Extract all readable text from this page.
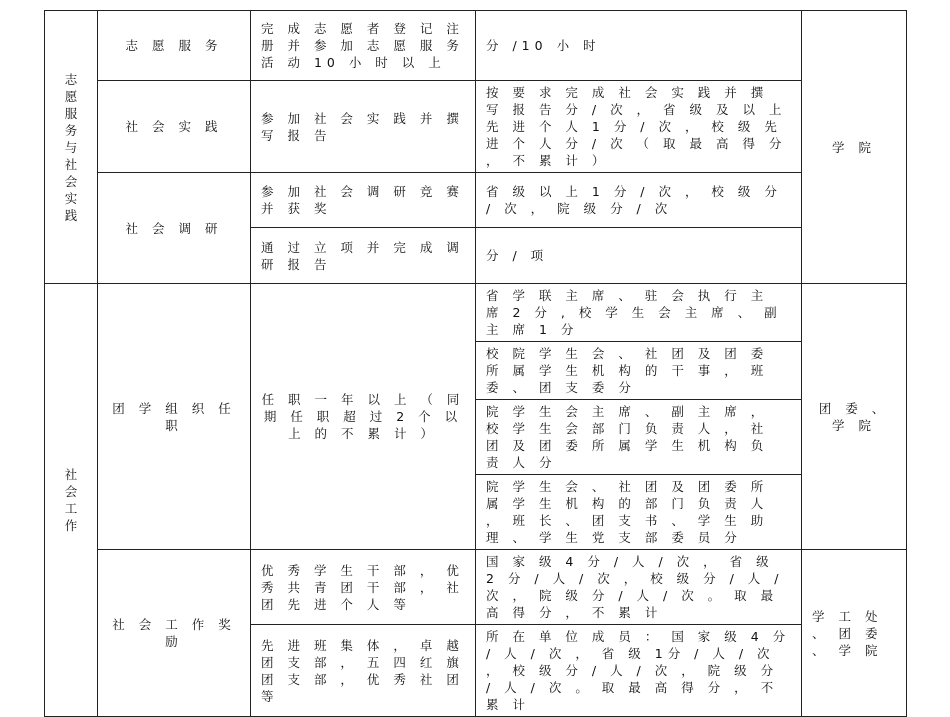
志愿服务与社会实践	志 愿 服 务	完 成 志 愿 者 登 记 注 册 并 参 加 志 愿 服 务 活 动 10 小 时 以 上	分 /10 小 时	学 院
	社 会 实 践	参 加 社 会 实 践 并 撰 写 报 告	按 要 求 完 成 社 会 实 践 并 撰 写 报 告 分 / 次 ， 省 级 及 以 上 先 进 个 人 1 分 / 次 ， 校 级 先 进 个 人 分 / 次 （ 取 最 高 得 分 ， 不 累 计 ）	
	社 会 调 研	参 加 社 会 调 研 竞 赛 并 获 奖	省 级 以 上 1 分 / 次 ， 校 级 分 / 次 ， 院 级 分 / 次	
		通 过 立 项 并 完 成 调 研 报 告	分 / 项	

社会工作	团 学 组 织 任 职	任 职 一 年 以 上 （ 同 期 任 职 超 过 2 个 以 上 的 不 累 计 ）	省 学 联 主 席 、 驻 会 执 行 主 席 2 分 , 校 学 生 会 主 席 、 副 主 席 1 分	团 委 、 学 院
			校 院 学 生 会 、 社 团 及 团 委 所 属 学 生 机 构 的 干 事 ， 班 委 、 团 支 委 分	
			院 学 生 会 主 席 、 副 主 席 ， 校 学 生 会 部 门 负 责 人 ， 社 团 及 团 委 所 属 学 生 机 构 负 责 人 分	
			院 学 生 会 、 社 团 及 团 委 所 属 学 生 机 构 的 部 门 负 责 人 ， 班 长 、 团 支 书 、 学 生 助 理 、 学 生 党 支 部 委 员 分	
	社 会 工 作 奖 励	优 秀 学 生 干 部 ， 优 秀 共 青 团 干 部 ， 社 团 先 进 个 人 等	国 家 级 4 分 / 人 / 次 ， 省 级 2 分 / 人 / 次 ， 校 级 分 / 人 / 次 ， 院 级 分 / 人 / 次 。 取 最 高 得 分 ， 不 累 计	学 工 处 、 团 委 、 学 院
		先 进 班 集 体 ， 卓 越 团 支 部 ， 五 四 红 旗 团 支 部 ， 优 秀 社 团 等	所 在 单 位 成 员 ： 国 家 级 4 分 / 人 / 次 ， 省 级 1分 / 人 / 次 ， 校 级 分 / 人 / 次 ， 院 级 分 / 人 / 次 。 取 最 高 得 分 ， 不 累 计	
